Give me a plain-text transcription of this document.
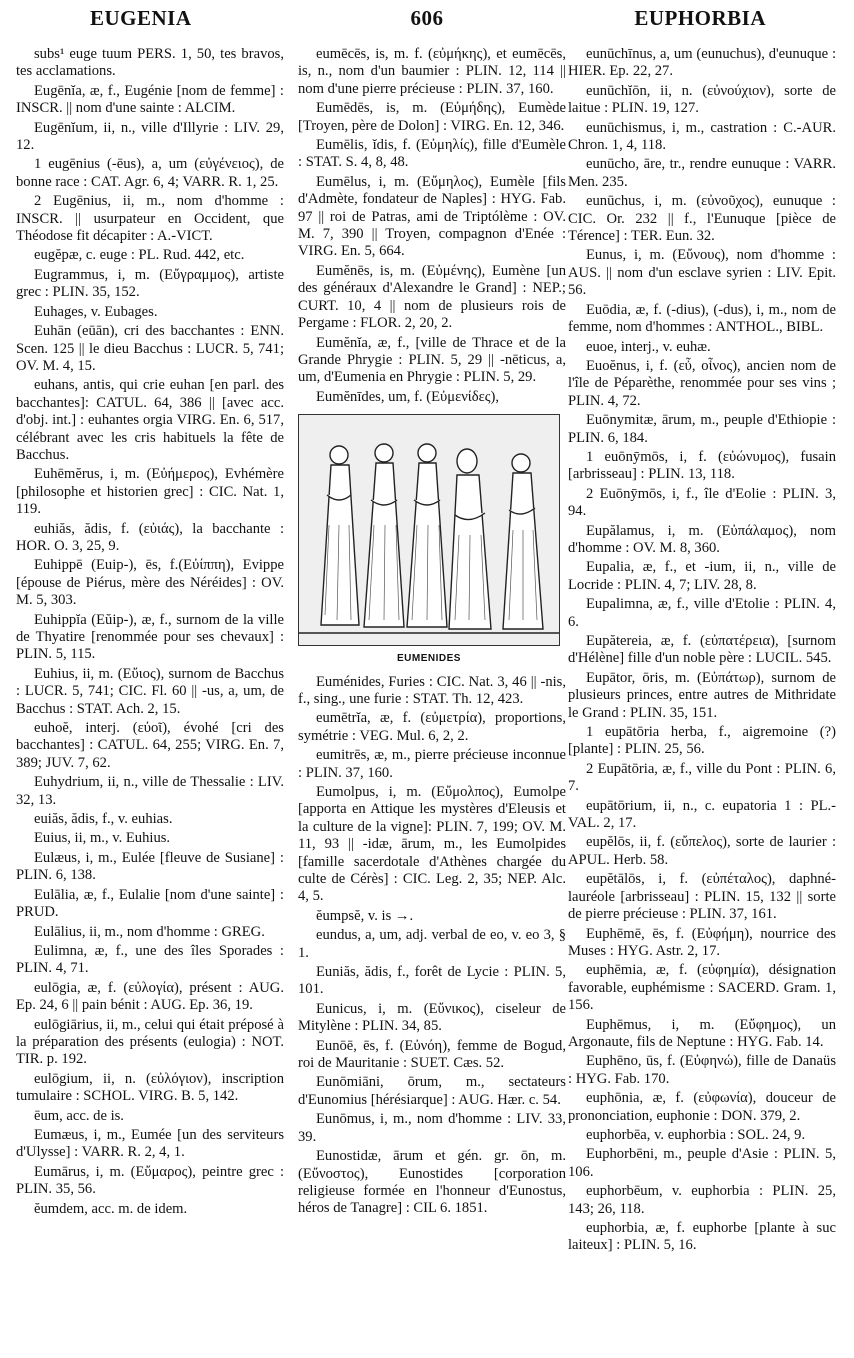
EUGENIA	606	EUPHORBIA
subs¹ euge tuum PERS. 1, 50, tes bravos, tes acclamations.
Eugēnĭa, æ, f., Eugénie [nom de femme] : INSCR. || nom d'une sainte : ALCIM.
Eugēnĭum, ii, n., ville d'Illyrie : LIV. 29, 12.
1 eugēnius (-ēus), a, um (εὐγένειος), de bonne race : CAT. Agr. 6, 4; VARR. R. 1, 25.
2 Eugēnius, ii, m., nom d'homme : INSCR. || usurpateur en Occident, que Théodose fit décapiter : A.-VICT.
eugĕpæ, c. euge : PL. Rud. 442, etc.
Eugrammus, i, m. (Εὔγραμμος), artiste grec : PLIN. 35, 152.
Euhages, v. Eubages.
Euhān (eūān), cri des bacchantes : ENN. Scen. 125 || le dieu Bacchus : LUCR. 5, 741; OV. M. 4, 15.
euhans, antis, qui crie euhan [en parl. des bacchantes]: CATUL. 64, 386 || [avec acc. d'obj. int.] : euhantes orgia VIRG. En. 6, 517, célébrant avec les cris habituels la fête de Bacchus.
Euhēmĕrus, i, m. (Εὐήμερος), Evhémère [philosophe et historien grec] : CIC. Nat. 1, 119.
euhiăs, ădis, f. (εὐιάς), la bacchante : HOR. O. 3, 25, 9.
Euhippē (Euip-), ēs, f.(Εὐίππη), Evippe [épouse de Piérus, mère des Néréides] : OV. M. 5, 303.
Euhippĭa (Eŭip-), æ, f., surnom de la ville de Thyatire [renommée pour ses chevaux] : PLIN. 5, 115.
Euhius, ii, m. (Εὔιος), surnom de Bacchus : LUCR. 5, 741; CIC. Fl. 60 || -us, a, um, de Bacchus : STAT. Ach. 2, 15.
euhoĕ, interj. (εὐοῖ), évohé [cri des bacchantes] : CATUL. 64, 255; VIRG. En. 7, 389; JUV. 7, 62.
Euhydrium, ii, n., ville de Thessalie : LIV. 32, 13.
euiăs, ădis, f., v. euhias.
Euius, ii, m., v. Euhius.
Eulæus, i, m., Eulée [fleuve de Susiane] : PLIN. 6, 138.
Eulālia, æ, f., Eulalie [nom d'une sainte] : PRUD.
Eulālius, ii, m., nom d'homme : GREG.
Eulimna, æ, f., une des îles Sporades : PLIN. 4, 71.
eulōgia, æ, f. (εὐλογία), présent : AUG. Ep. 24, 6 || pain bénit : AUG. Ep. 36, 19.
eulōgiārius, ii, m., celui qui était préposé à la préparation des présents (eulogia) : NOT. TIR. p. 192.
eulōgium, ii, n. (εὐλόγιον), inscription tumulaire : SCHOL. VIRG. B. 5, 142.
ēum, acc. de is.
Eumæus, i, m., Eumée [un des serviteurs d'Ulysse] : VARR. R. 2, 4, 1.
Eumārus, i, m. (Εὔμαρος), peintre grec : PLIN. 35, 56.
ĕumdem, acc. m. de idem.
eumēcēs, is, m. f. (εὐμήκης), et eumēcēs, is, n., nom d'un baumier : PLIN. 12, 114 || nom d'une pierre précieuse : PLIN. 37, 160.
Eumēdēs, is, m. (Εὐμήδης), Eumède [Troyen, père de Dolon] : VIRG. En. 12, 346.
Eumēlis, ĭdis, f. (Εὐμηλίς), fille d'Eumèle : STAT. S. 4, 8, 48.
Eumēlus, i, m. (Εὔμηλος), Eumèle [fils d'Admète, fondateur de Naples] : HYG. Fab. 97 || roi de Patras, ami de Triptólème : OV. M. 7, 390 || Troyen, compagnon d'Enée : VIRG. En. 5, 664.
Eumĕnēs, is, m. (Εὐμένης), Eumène [un des généraux d'Alexandre le Grand] : NEP.; CURT. 10, 4 || nom de plusieurs rois de Pergame : FLOR. 2, 20, 2.
Eumĕnĭa, æ, f., [ville de Thrace et de la Grande Phrygie : PLIN. 5, 29 || -nēticus, a, um, d'Eumenia en Phrygie : PLIN. 5, 29.
Eumĕnīdes, um, f. (Εὐμενίδες),
EUMENIDES
Euménides, Furies : CIC. Nat. 3, 46 || -nis, f., sing., une furie : STAT. Th. 12, 423.
eumētrĭa, æ, f. (εὐμετρία), proportions, symétrie : VEG. Mul. 6, 2, 2.
eumitrēs, æ, m., pierre précieuse inconnue : PLIN. 37, 160.
Eumolpus, i, m. (Εὔμολπος), Eumolpe [apporta en Attique les mystères d'Eleusis et la culture de la vigne]: PLIN. 7, 199; OV. M. 11, 93 || -idæ, ārum, m., les Eumolpides [famille sacerdotale d'Athènes chargée du culte de Cérès] : CIC. Leg. 2, 35; NEP. Alc. 4, 5.
ĕumpsĕ, v. is →.
eundus, a, um, adj. verbal de eo, v. eo 3, § 1.
Euniăs, ădis, f., forêt de Lycie : PLIN. 5, 101.
Eunicus, i, m. (Εὔνικος), ciseleur de Mitylène : PLIN. 34, 85.
Eunōē, ēs, f. (Εὐνόη), femme de Bogud, roi de Mauritanie : SUET. Cæs. 52.
Eunōmiāni, ōrum, m., sectateurs d'Eunomius [hérésiarque] : AUG. Hær. c. 54.
Eunōmus, i, m., nom d'homme : LIV. 33, 39.
Eunostidæ, ārum et gén. gr. ōn, m. (Εὔνοστος), Eunostides [corporation religieuse formée en l'honneur d'Eunostus, héros de Tanagre] : CIL 6. 1851.
eunūchīnus, a, um (eunuchus), d'eunuque : HIER. Ep. 22, 27.
eunūchĭōn, ii, n. (εὐνούχιον), sorte de laitue : PLIN. 19, 127.
eunūchismus, i, m., castration : C.-AUR. Chron. 1, 4, 118.
eunūcho, āre, tr., rendre eunuque : VARR. Men. 235.
eunūchus, i, m. (εὐνοῦχος), eunuque : CIC. Or. 232 || f., l'Eunuque [pièce de Térence] : TER. Eun. 32.
Eunus, i, m. (Εὔνους), nom d'homme : AUS. || nom d'un esclave syrien : LIV. Epit. 56.
Euōdia, æ, f. (-dius), (-dus), i, m., nom de femme, nom d'hommes : ANTHOL., BIBL.
euoe, interj., v. euhæ.
Euoĕnus, i, f. (εὖ, οἶνος), ancien nom de l'île de Péparèthe, renommée pour ses vins ; PLIN. 4, 72.
Euōnymitæ, ārum, m., peuple d'Ethiopie : PLIN. 6, 184.
1 euōnȳmōs, i, f. (εὐώνυμος), fusain [arbrisseau] : PLIN. 13, 118.
2 Euōnȳmōs, i, f., île d'Eolie : PLIN. 3, 94.
Eupălamus, i, m. (Εὐπάλαμος), nom d'homme : OV. M. 8, 360.
Eupalia, æ, f., et -ium, ii, n., ville de Locride : PLIN. 4, 7; LIV. 28, 8.
Eupalimna, æ, f., ville d'Etolie : PLIN. 4, 6.
Eupătereia, æ, f. (εὐπατέρεια), [surnom d'Hélène] fille d'un noble père : LUCIL. 545.
Eupātor, ōris, m. (Εὐπάτωρ), surnom de plusieurs princes, entre autres de Mithridate le Grand : PLIN. 35, 151.
1 eupātōria herba, f., aigremoine (?) [plante] : PLIN. 25, 56.
2 Eupātōria, æ, f., ville du Pont : PLIN. 6, 7.
eupātōrium, ii, n., c. eupatoria 1 : PL.-VAL. 2, 17.
eupĕlōs, ii, f. (εὔπελος), sorte de laurier : APUL. Herb. 58.
eupĕtālōs, i, f. (εὐπέταλος), daphné-lauréole [arbrisseau] : PLIN. 15, 132 || sorte de pierre précieuse : PLIN. 37, 161.
Euphēmē, ēs, f. (Εὐφήμη), nourrice des Muses : HYG. Astr. 2, 17.
euphēmia, æ, f. (εὐφημία), désignation favorable, euphémisme : SACERD. Gram. 1, 156.
Euphēmus, i, m. (Εὔφημος), un Argonaute, fils de Neptune : HYG. Fab. 14.
Euphēno, ūs, f. (Εὐφηνώ), fille de Danaüs : HYG. Fab. 170.
euphōnia, æ, f. (εὐφωνία), douceur de prononciation, euphonie : DON. 379, 2.
euphorbēa, v. euphorbia : SOL. 24, 9.
Euphorbēni, m., peuple d'Asie : PLIN. 5, 106.
euphorbēum, v. euphorbia : PLIN. 25, 143; 26, 118.
euphorbia, æ, f. euphorbe [plante à suc laiteux] : PLIN. 5, 16.
